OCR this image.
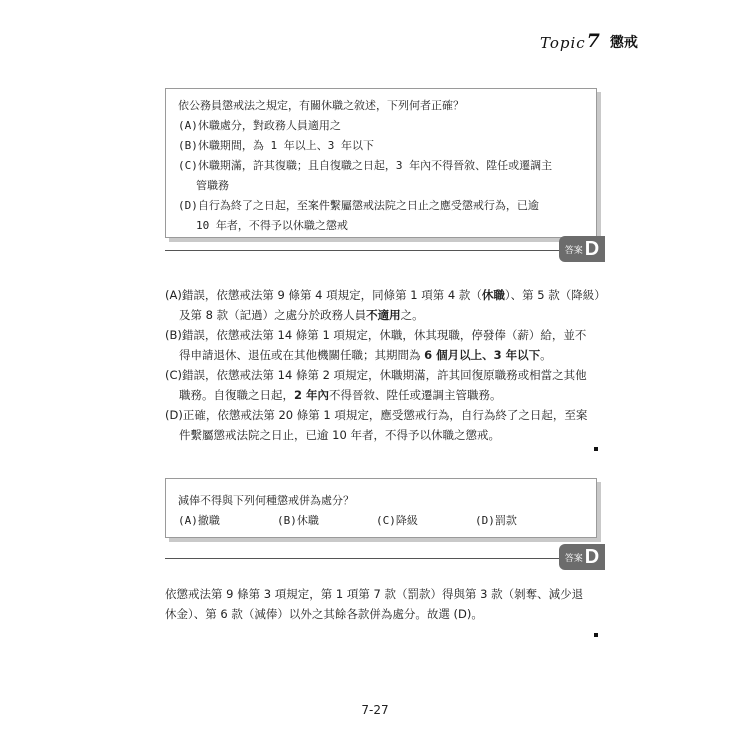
Topic 7 懲戒
依公務員懲戒法之規定，有關休職之敘述，下列何者正確？
(A)休職處分，對政務人員適用之
(B)休職期間，為 1 年以上、3 年以下
(C)休職期滿，許其復職；且自復職之日起，3 年內不得晉敘、陞任或遷調主
管職務
(D)自行為終了之日起，至案件繫屬懲戒法院之日止之應受懲戒行為，已逾
10 年者，不得予以休職之懲戒
答案 D

(A)錯誤，依懲戒法第 9 條第 4 項規定，同條第 1 項第 4 款（休職）、第 5 款（降級）
及第 8 款（記過）之處分於政務人員不適用之。

(B)錯誤，依懲戒法第 14 條第 1 項規定，休職，休其現職，停發俸（薪）給，並不
得申請退休、退伍或在其他機關任職；其期間為 6 個月以上、3 年以下。

(C)錯誤，依懲戒法第 14 條第 2 項規定，休職期滿，許其回復原職務或相當之其他
職務。自復職之日起，2 年內不得晉敘、陞任或遷調主管職務。

(D)正確，依懲戒法第 20 條第 1 項規定，應受懲戒行為，自行為終了之日起，至案
件繫屬懲戒法院之日止，已逾 10 年者，不得予以休職之懲戒。

減俸不得與下列何種懲戒併為處分？
(A)撤職	(B)休職	(C)降級	(D)罰款
答案 D

依懲戒法第 9 條第 3 項規定，第 1 項第 7 款（罰款）得與第 3 款（剝奪、減少退
休金）、第 6 款（減俸）以外之其餘各款併為處分。故選 (D)。

7-27
